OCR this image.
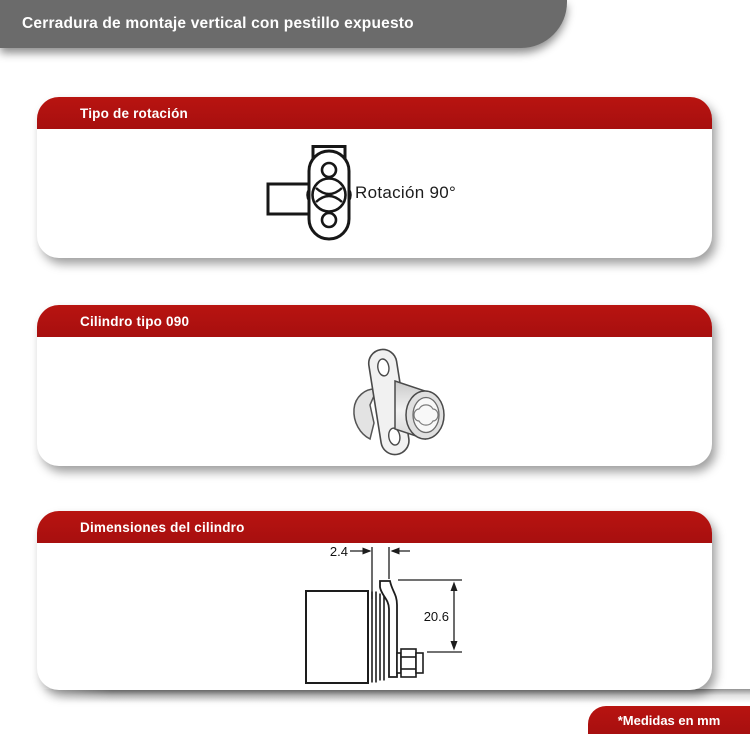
Cerradura de montaje vertical con pestillo expuesto
Tipo de rotación
Rotación 90°
Cilindro tipo 090
Dimensiones del cilindro
2.4
20.6
*Medidas en mm
